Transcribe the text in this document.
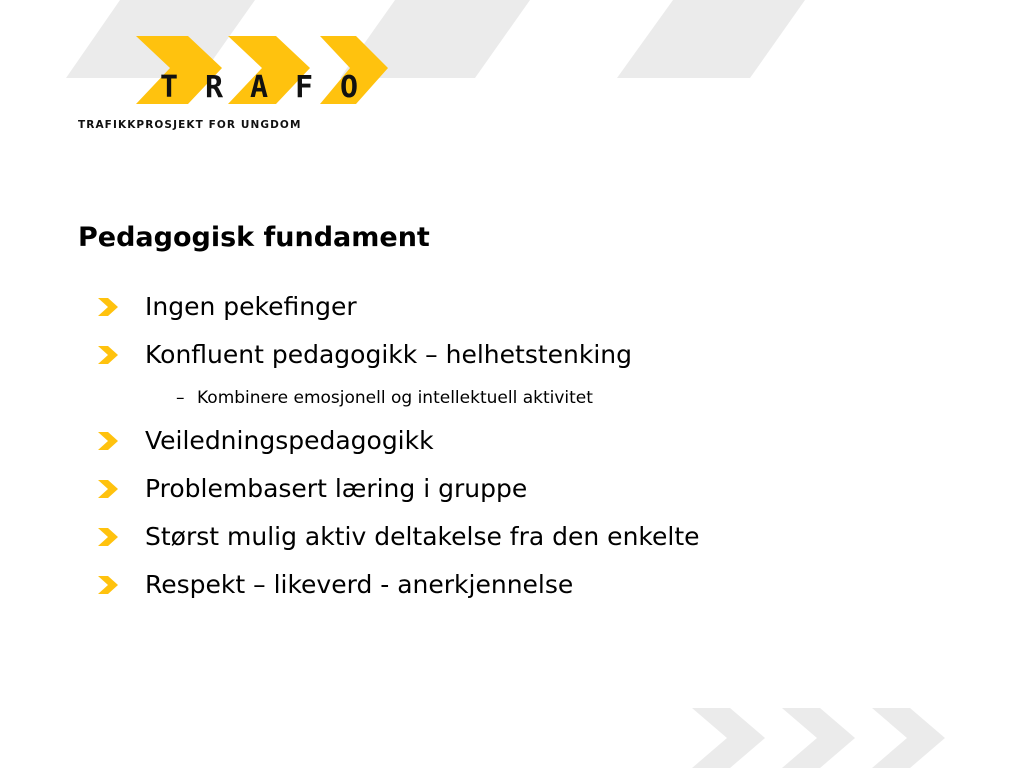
T R A F O
TRAFIKKPROSJEKT FOR UNGDOM
Pedagogisk fundament
Ingen pekefinger
Konfluent pedagogikk – helhetstenking
– Kombinere emosjonell og intellektuell aktivitet
Veiledningspedagogikk
Problembasert læring i gruppe
Størst mulig aktiv deltakelse fra den enkelte
Respekt – likeverd - anerkjennelse
